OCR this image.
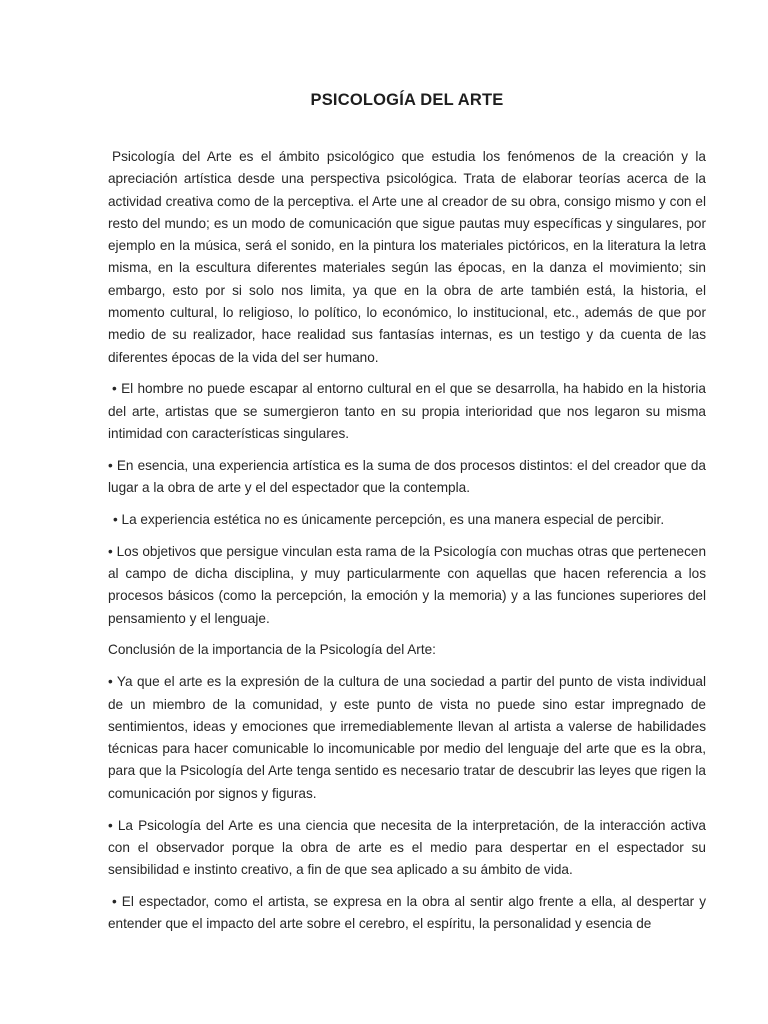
PSICOLOGÍA DEL ARTE

Psicología del Arte es el ámbito psicológico que estudia los fenómenos de la creación y la apreciación artística desde una perspectiva psicológica. Trata de elaborar teorías acerca de la actividad creativa como de la perceptiva. el Arte une al creador de su obra, consigo mismo y con el resto del mundo; es un modo de comunicación que sigue pautas muy específicas y singulares, por ejemplo en la música, será el sonido, en la pintura los materiales pictóricos, en la literatura la letra misma, en la escultura diferentes materiales según las épocas, en la danza el movimiento; sin embargo, esto por si solo nos limita, ya que en la obra de arte también está, la historia, el momento cultural, lo religioso, lo político, lo económico, lo institucional, etc., además de que por medio de su realizador, hace realidad sus fantasías internas, es un testigo y da cuenta de las diferentes épocas de la vida del ser humano.

• El hombre no puede escapar al entorno cultural en el que se desarrolla, ha habido en la historia del arte, artistas que se sumergieron tanto en su propia interioridad que nos legaron su misma intimidad con características singulares.

• En esencia, una experiencia artística es la suma de dos procesos distintos: el del creador que da lugar a la obra de arte y el del espectador que la contempla.

• La experiencia estética no es únicamente percepción, es una manera especial de percibir.

• Los objetivos que persigue vinculan esta rama de la Psicología con muchas otras que pertenecen al campo de dicha disciplina, y muy particularmente con aquellas que hacen referencia a los procesos básicos (como la percepción, la emoción y la memoria) y a las funciones superiores del pensamiento y el lenguaje.

Conclusión de la importancia de la Psicología del Arte:

• Ya que el arte es la expresión de la cultura de una sociedad a partir del punto de vista individual de un miembro de la comunidad, y este punto de vista no puede sino estar impregnado de sentimientos, ideas y emociones que irremediablemente llevan al artista a valerse de habilidades técnicas para hacer comunicable lo incomunicable por medio del lenguaje del arte que es la obra, para que la Psicología del Arte tenga sentido es necesario tratar de descubrir las leyes que rigen la comunicación por signos y figuras.

• La Psicología del Arte es una ciencia que necesita de la interpretación, de la interacción activa con el observador porque la obra de arte es el medio para despertar en el espectador su sensibilidad e instinto creativo, a fin de que sea aplicado a su ámbito de vida.

• El espectador, como el artista, se expresa en la obra al sentir algo frente a ella, al despertar y entender que el impacto del arte sobre el cerebro, el espíritu, la personalidad y esencia de
